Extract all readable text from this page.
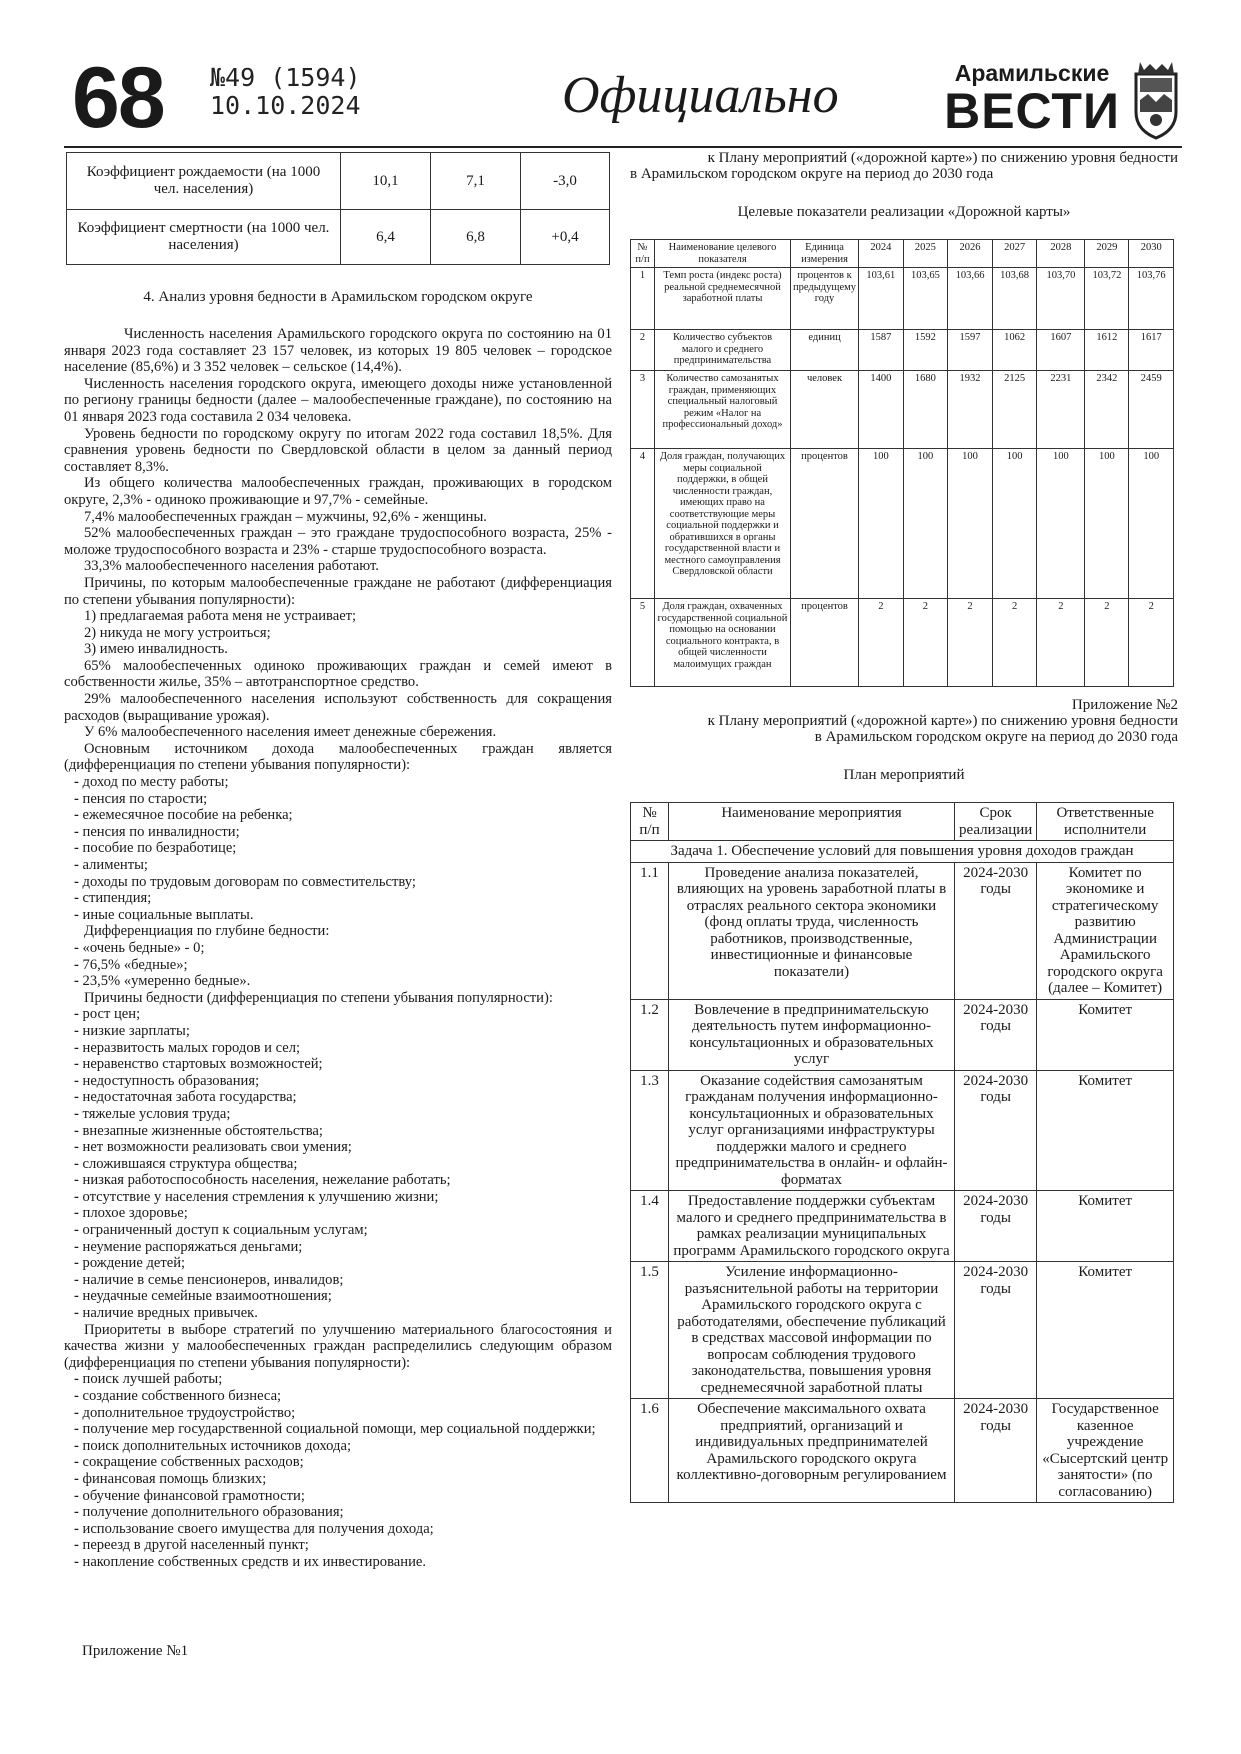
68 №49 (1594)
10.10.2024	Официально	Арамильские
ВЕСТИ
Коэффициент рождаемости (на 1000 чел. населения)	10,1	7,1	-3,0
Коэффициент смертности (на 1000 чел. населения)	6,4	6,8	+0,4
4. Анализ уровня бедности в Арамильском городском округе

Численность населения Арамильского городского округа по состоянию на 01 января 2023 года составляет 23 157 человек, из которых 19 805 человек – городское население (85,6%) и 3 352 человек – сельское (14,4%).

Численность населения городского округа, имеющего доходы ниже установленной по региону границы бедности (далее – малообеспеченные граждане), по состоянию на 01 января 2023 года составила 2 034 человека.

Уровень бедности по городскому округу по итогам 2022 года составил 18,5%. Для сравнения уровень бедности по Свердловской области в целом за данный период составляет 8,3%.

Из общего количества малообеспеченных граждан, проживающих в городском округе, 2,3% - одиноко проживающие и 97,7% - семейные.

7,4% малообеспеченных граждан – мужчины, 92,6% - женщины.

52% малообеспеченных граждан – это граждане трудоспособного возраста, 25% - моложе трудоспособного возраста и 23% - старше трудоспособного возраста.

33,3% малообеспеченного населения работают.

Причины, по которым малообеспеченные граждане не работают (дифференциация по степени убывания популярности):

1) предлагаемая работа меня не устраивает;

2) никуда не могу устроиться;

3) имею инвалидность.

65% малообеспеченных одиноко проживающих граждан и семей имеют в собственности жилье, 35% – автотранспортное средство.

29% малообеспеченного населения используют собственность для сокращения расходов (выращивание урожая).

У 6% малообеспеченного населения имеет денежные сбережения.

Основным источником дохода малообеспеченных граждан является (дифференциация по степени убывания популярности):

- доход по месту работы;
- пенсия по старости;
- ежемесячное пособие на ребенка;
- пенсия по инвалидности;
- пособие по безработице;
- алименты;
- доходы по трудовым договорам по совместительству;
- стипендия;
- иные социальные выплаты.

Дифференциация по глубине бедности:

- «очень бедные» - 0;
- 76,5% «бедные»;
- 23,5% «умеренно бедные».

Причины бедности (дифференциация по степени убывания популярности):

- рост цен;
- низкие зарплаты;
- неразвитость малых городов и сел;
- неравенство стартовых возможностей;
- недоступность образования;
- недостаточная забота государства;
- тяжелые условия труда;
- внезапные жизненные обстоятельства;
- нет возможности реализовать свои умения;
- сложившаяся структура общества;
- низкая работоспособность населения, нежелание работать;
- отсутствие у населения стремления к улучшению жизни;
- плохое здоровье;
- ограниченный доступ к социальным услугам;
- неумение распоряжаться деньгами;
- рождение детей;
- наличие в семье пенсионеров, инвалидов;
- неудачные семейные взаимоотношения;
- наличие вредных привычек.

Приоритеты в выборе стратегий по улучшению материального благосостояния и качества жизни у малообеспеченных граждан распределились следующим образом (дифференциация по степени убывания популярности):

- поиск лучшей работы;
- создание собственного бизнеса;
- дополнительное трудоустройство;
- получение мер государственной социальной помощи, мер социальной поддержки;
- поиск дополнительных источников дохода;
- сокращение собственных расходов;
- финансовая помощь близких;
- обучение финансовой грамотности;
- получение дополнительного образования;
- использование своего имущества для получения дохода;
- переезд в другой населенный пункт;
- накопление собственных средств и их инвестирование.
Приложение №1
к Плану мероприятий («дорожной карте») по снижению уровня бедности
в Арамильском городском округе на период до 2030 года
Целевые показатели реализации «Дорожной карты»
№ п/п	Наименование целевого показателя	Единица измерения	2024	2025	2026	2027	2028	2029	2030
1	Темп роста (индекс роста) реальной среднемесячной заработной платы	процентов к предыдущему году	103,61	103,65	103,66	103,68	103,70	103,72	103,76
2	Количество субъектов малого и среднего предпринимательства	единиц	1587	1592	1597	1062	1607	1612	1617
3	Количество самозанятых граждан, применяющих специальный налоговый режим «Налог на профессиональный доход»	человек	1400	1680	1932	2125	2231	2342	2459
4	Доля граждан, получающих меры социальной поддержки, в общей численности граждан, имеющих право на соответствующие меры социальной поддержки и обратившихся в органы государственной власти и местного самоуправления Свердловской области	процентов	100	100	100	100	100	100	100
5	Доля граждан, охваченных государственной социальной помощью на основании социального контракта, в общей численности малоимущих граждан	процентов	2	2	2	2	2	2	2
Приложение №2
к Плану мероприятий («дорожной карте») по снижению уровня бедности
в Арамильском городском округе на период до 2030 года
План мероприятий
№ п/п	Наименование мероприятия	Срок реализации	Ответственные исполнители
Задача 1. Обеспечение условий для повышения уровня доходов граждан			
1.1	Проведение анализа показателей, влияющих на уровень заработной платы в отраслях реального сектора экономики (фонд оплаты труда, численность работников, производственные, инвестиционные и финансовые показатели)	2024-2030 годы	Комитет по экономике и стратегическому развитию Администрации Арамильского городского округа (далее – Комитет)
1.2	Вовлечение в предпринимательскую деятельность путем информационно-консультационных и образовательных услуг	2024-2030 годы	Комитет
1.3	Оказание содействия самозанятым гражданам получения информационно-консультационных и образовательных услуг организациями инфраструктуры поддержки малого и среднего предпринимательства в онлайн- и офлайн-форматах	2024-2030 годы	Комитет
1.4	Предоставление поддержки субъектам малого и среднего предпринимательства в рамках реализации муниципальных программ Арамильского городского округа	2024-2030 годы	Комитет
1.5	Усиление информационно-разъяснительной работы на территории Арамильского городского округа с работодателями, обеспечение публикаций в средствах массовой информации по вопросам соблюдения трудового законодательства, повышения уровня среднемесячной заработной платы	2024-2030 годы	Комитет
1.6	Обеспечение максимального охвата предприятий, организаций и индивидуальных предпринимателей Арамильского городского округа коллективно-договорным регулированием	2024-2030 годы	Государственное казенное учреждение «Сысертский центр занятости» (по согласованию)
